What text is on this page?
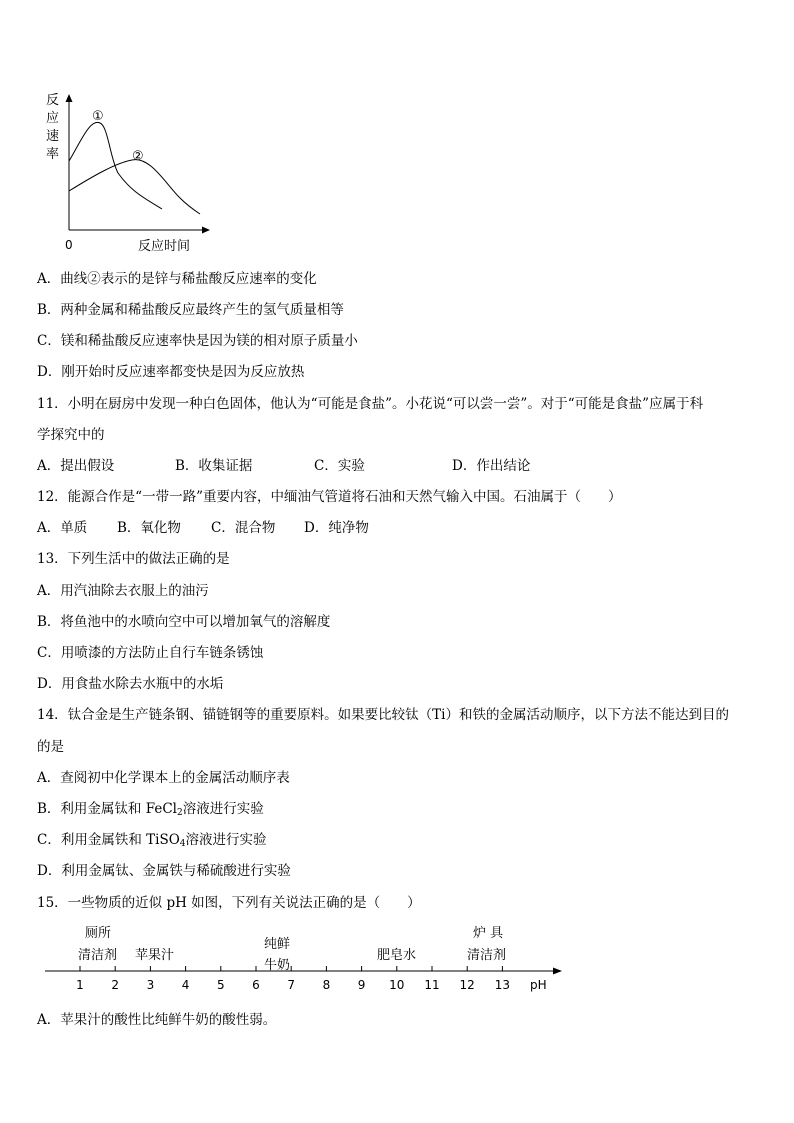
反
应
速
率
①
②
0	反应时间
A．曲线②表示的是锌与稀盐酸反应速率的变化
B．两种金属和稀盐酸反应最终产生的氢气质量相等
C．镁和稀盐酸反应速率快是因为镁的相对原子质量小
D．刚开始时反应速率都变快是因为反应放热
11．小明在厨房中发现一种白色固体，他认为“可能是食盐”。小花说“可以尝一尝”。对于“可能是食盐”应属于科
学探究中的
A．提出假设	B．收集证据	C．实验	D．作出结论
12．能源合作是“一带一路”重要内容，中缅油气管道将石油和天然气输入中国。石油属于（　　）
A．单质 B．氧化物 C．混合物 D．纯净物
13．下列生活中的做法正确的是
A．用汽油除去衣服上的油污
B．将鱼池中的水喷向空中可以增加氧气的溶解度
C．用喷漆的方法防止自行车链条锈蚀
D．用食盐水除去水瓶中的水垢
14．钛合金是生产链条钢、锚链钢等的重要原料。如果要比较钛（Ti）和铁的金属活动顺序，以下方法不能达到目的
的是
A．查阅初中化学课本上的金属活动顺序表
B．利用金属钛和 FeCl$_2$溶液进行实验
C．利用金属铁和 TiSO$_4$溶液进行实验
D．利用金属钛、金属铁与稀硫酸进行实验
15．一些物质的近似 pH 如图，下列有关说法正确的是（　　）
1 2 3 4 5 6 7 8 9 10 11 12 13 pH
厕所
清洁剂 苹果汁
纯鲜
牛奶
肥皂水
炉 具
清洁剂
A．苹果汁的酸性比纯鲜牛奶的酸性弱。
